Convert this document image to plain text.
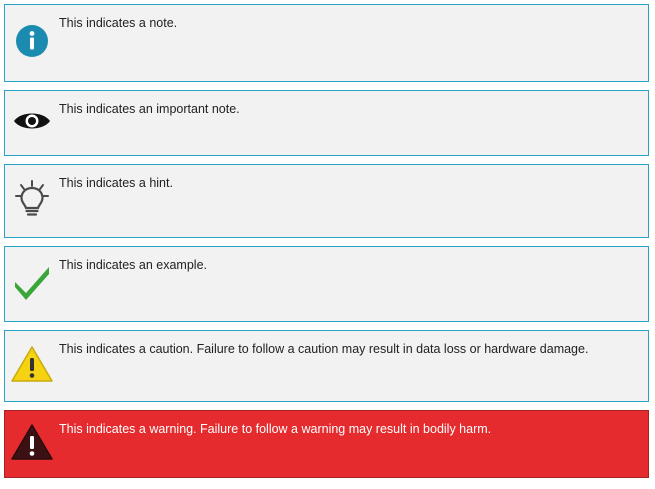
This indicates a note.
This indicates an important note.
This indicates a hint.
This indicates an example.
This indicates a caution. Failure to follow a caution may result in data loss or hardware damage.
This indicates a warning. Failure to follow a warning may result in bodily harm.
